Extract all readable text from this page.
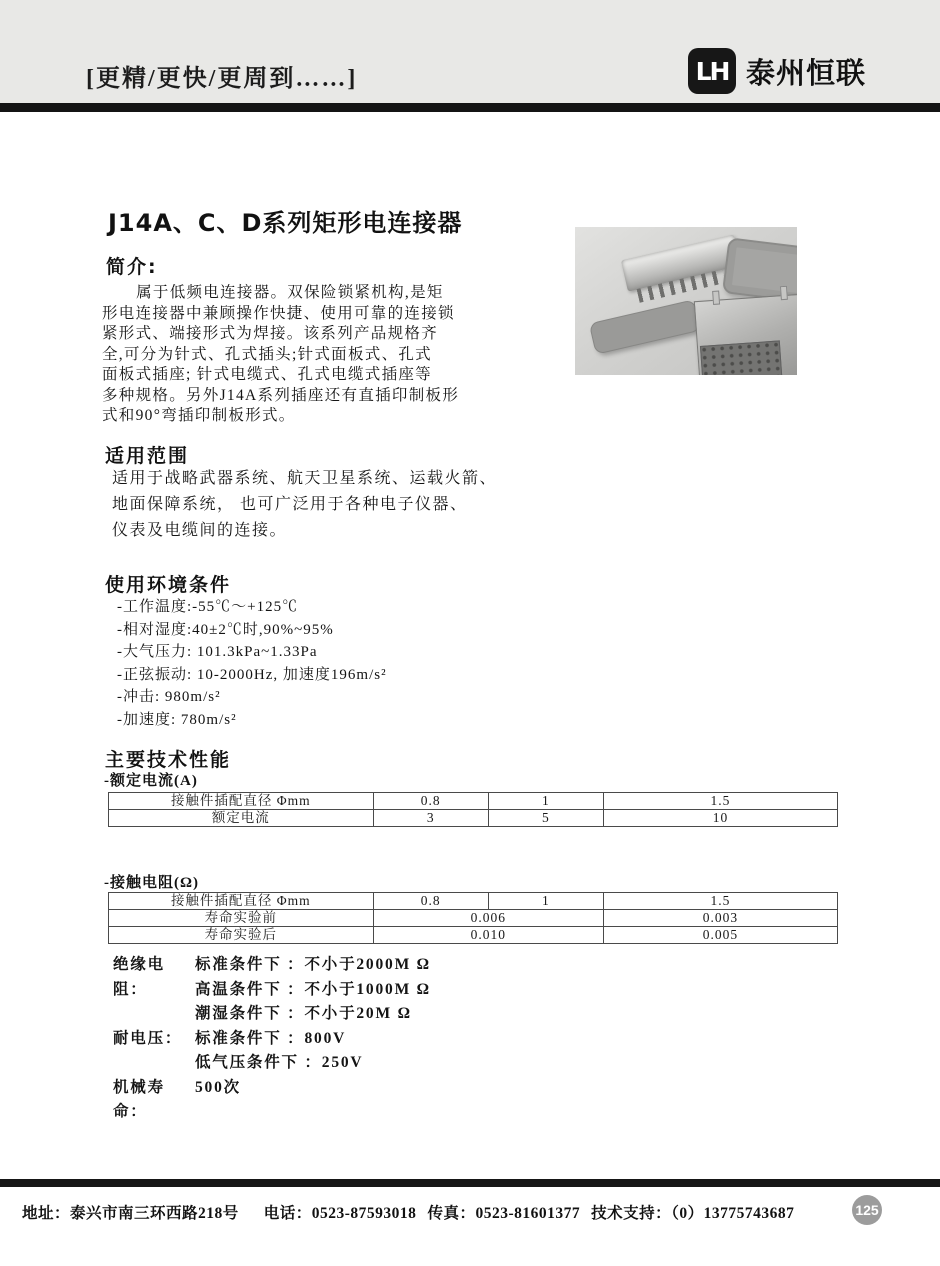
[更精/更快/更周到……]	LH 泰州恒联
J14A、C、D系列矩形电连接器
简介:
属于低频电连接器。双保险锁紧机构,是矩
形电连接器中兼顾操作快捷、使用可靠的连接锁
紧形式、端接形式为焊接。该系列产品规格齐
全,可分为针式、孔式插头;针式面板式、孔式
面板式插座; 针式电缆式、孔式电缆式插座等
多种规格。另外J14A系列插座还有直插印制板形
式和90°弯插印制板形式。
适用范围
适用于战略武器系统、航天卫星系统、运载火箭、
地面保障系统， 也可广泛用于各种电子仪器、
仪表及电缆间的连接。
使用环境条件
-工作温度:-55℃～+125℃
-相对湿度:40±2℃时,90%~95%
-大气压力: 101.3kPa~1.33Pa
-正弦振动: 10-2000Hz, 加速度196m/s²
-冲击: 980m/s²
-加速度: 780m/s²
主要技术性能
-额定电流(A)
接触件插配直径 Φmm	0.8	1	1.5
额定电流	3	5	10
-接触电阻(Ω)
接触件插配直径 Φmm	0.8	1	1.5
寿命实验前	0.006		0.003
寿命实验后	0.010		0.005
绝缘电阻：
标准条件下 ：不小于2000M Ω
高温条件下 ：不小于1000M Ω
潮湿条件下 ：不小于20M Ω
耐电压： 标准条件下 ：800V
低气压条件下 ：250V
机械寿命：
500次
地址：泰兴市南三环西路218号 电话：0523-87593018 传真：0523-81601377 技术支持：（0）13775743687	125
